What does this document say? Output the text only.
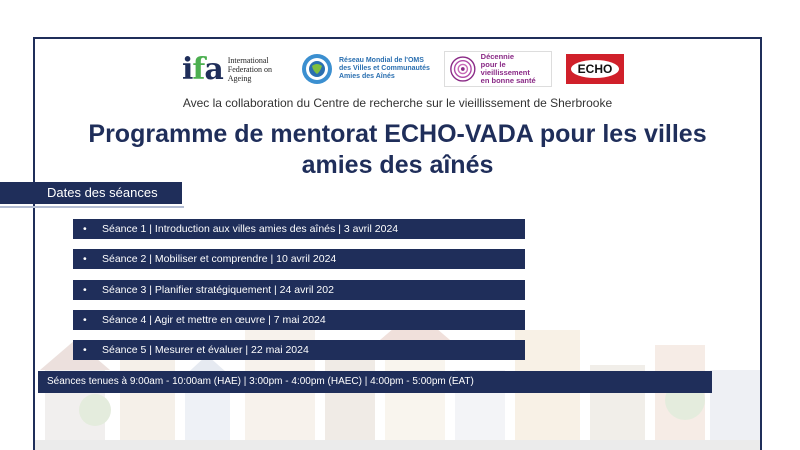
ifa International
Federation on
Ageing
Réseau Mondial de l'OMS
des Villes et Communautés
Amies des Aînés
Décennie
pour le vieillissement
en bonne santé
ECHO
Avec la collaboration du Centre de recherche sur le vieillissement de Sherbrooke
Programme de mentorat ECHO-VADA pour les villes
amies des aînés
• Séance 1 | Introduction aux villes amies des aînés | 3 avril 2024
• Séance 2 | Mobiliser et comprendre | 10 avril 2024
• Séance 3 | Planifier stratégiquement | 24 avril 202
• Séance 4 | Agir et mettre en œuvre | 7 mai 2024
• Séance 5 | Mesurer et évaluer | 22 mai 2024
Dates des séances
Séances tenues à 9:00am - 10:00am (HAE) | 3:00pm - 4:00pm (HAEC) | 4:00pm - 5:00pm (EAT)
